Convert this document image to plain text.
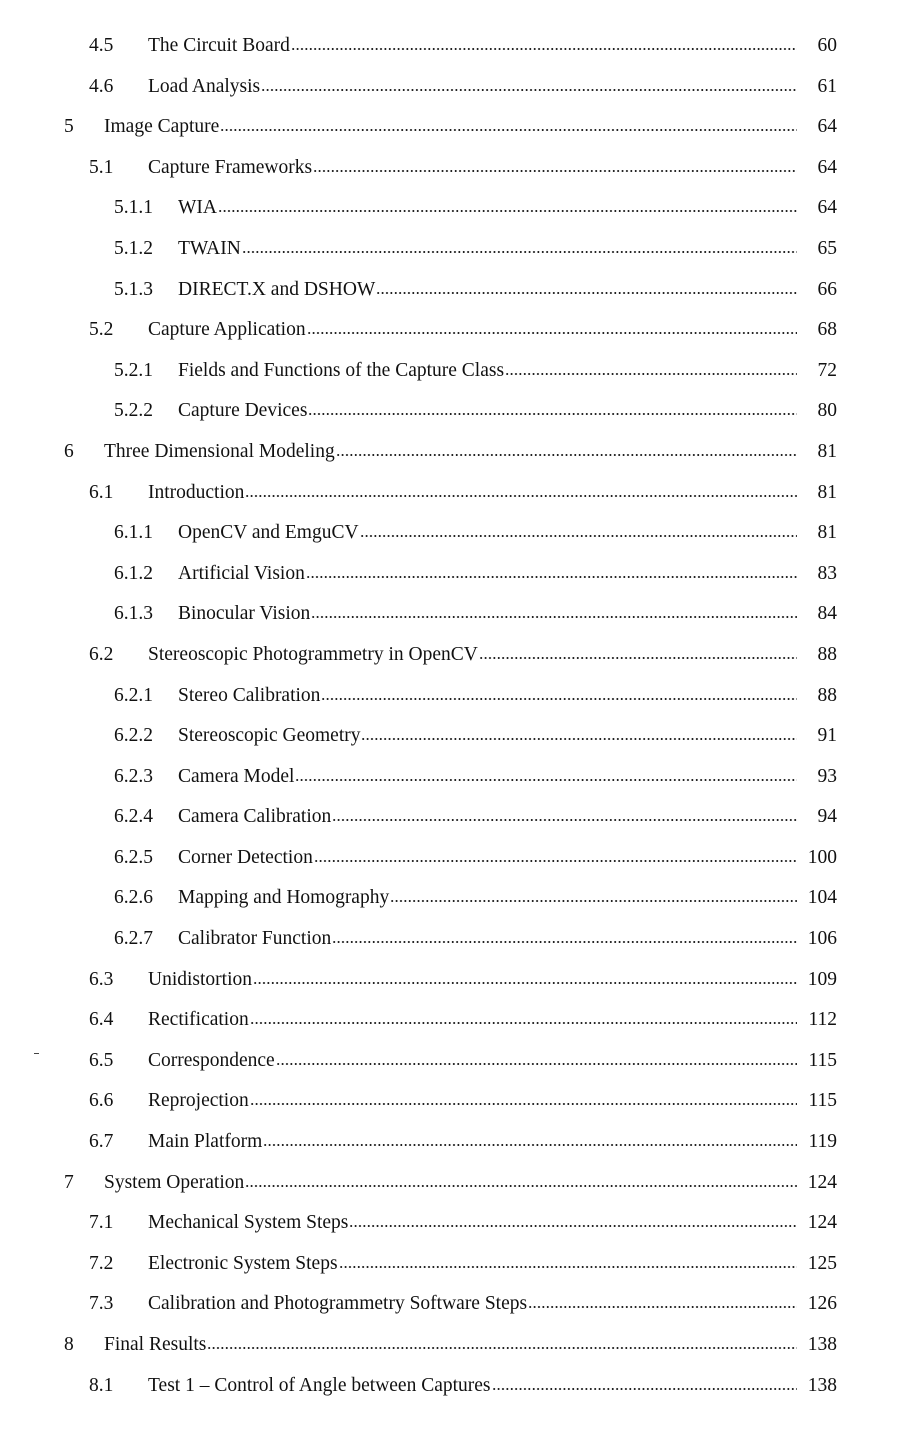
4.5	The Circuit Board	60
4.6	Load Analysis	61
5	Image Capture	64
5.1	Capture Frameworks	64
5.1.1	WIA	64
5.1.2	TWAIN	65
5.1.3	DIRECT.X and DSHOW	66
5.2	Capture Application	68
5.2.1	Fields and Functions of the Capture Class	72
5.2.2	Capture Devices	80
6	Three Dimensional Modeling	81
6.1	Introduction	81
6.1.1	OpenCV and EmguCV	81
6.1.2	Artificial Vision	83
6.1.3	Binocular Vision	84
6.2	Stereoscopic Photogrammetry in OpenCV	88
6.2.1	Stereo Calibration	88
6.2.2	Stereoscopic Geometry	91
6.2.3	Camera Model	93
6.2.4	Camera Calibration	94
6.2.5	Corner Detection	100
6.2.6	Mapping and Homography	104
6.2.7	Calibrator Function	106
6.3	Unidistortion	109
6.4	Rectification	112
6.5	Correspondence	115
6.6	Reprojection	115
6.7	Main Platform	119
7	System Operation	124
7.1	Mechanical System Steps	124
7.2	Electronic System Steps	125
7.3	Calibration and Photogrammetry Software Steps	126
8	Final Results	138
8.1	Test 1 – Control of Angle between Captures	138
